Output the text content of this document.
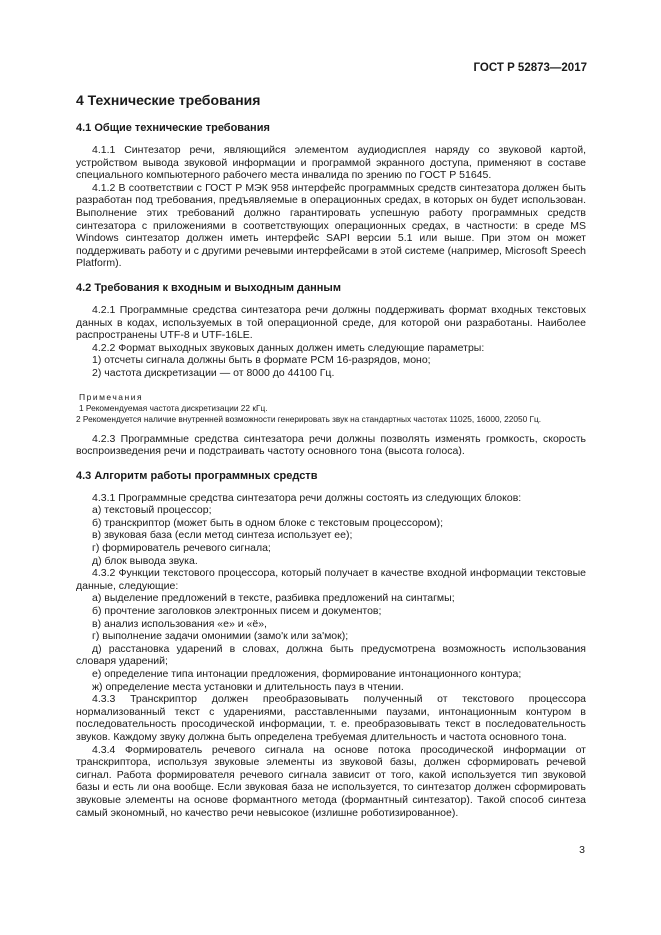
ГОСТ Р 52873—2017
4 Технические требования
4.1 Общие технические требования

4.1.1 Синтезатор речи, являющийся элементом аудиодисплея наряду со звуковой картой, устройством вывода звуковой информации и программой экранного доступа, применяют в составе специального компьютерного рабочего места инвалида по зрению по ГОСТ Р 51645.

4.1.2 В соответствии с ГОСТ Р МЭК 958 интерфейс программных средств синтезатора должен быть разработан под требования, предъявляемые в операционных средах, в которых он будет использован. Выполнение этих требований должно гарантировать успешную работу программных средств синтезатора с приложениями в соответствующих операционных средах, в частности: в среде MS Windows синтезатор должен иметь интерфейс SAPI версии 5.1 или выше. При этом он может поддерживать работу и с другими речевыми интерфейсами в этой системе (например, Microsoft Speech Platform).

4.2 Требования к входным и выходным данным

4.2.1 Программные средства синтезатора речи должны поддерживать формат входных текстовых данных в кодах, используемых в той операционной среде, для которой они разработаны. Наиболее распространены UTF-8 и UTF-16LE.

4.2.2 Формат выходных звуковых данных должен иметь следующие параметры:

1) отсчеты сигнала должны быть в формате PCM 16-разрядов, моно;

2) частота дискретизации — от 8000 до 44100 Гц.

Примечания

1 Рекомендуемая частота дискретизации 22 кГц.

2 Рекомендуется наличие внутренней возможности генерировать звук на стандартных частотах 11025, 16000, 22050 Гц.

4.2.3 Программные средства синтезатора речи должны позволять изменять громкость, скорость воспроизведения речи и подстраивать частоту основного тона (высота голоса).

4.3 Алгоритм работы программных средств

4.3.1 Программные средства синтезатора речи должны состоять из следующих блоков:

а) текстовый процессор;

б) транскриптор (может быть в одном блоке с текстовым процессором);

в) звуковая база (если метод синтеза использует ее);

г) формирователь речевого сигнала;

д) блок вывода звука.

4.3.2 Функции текстового процессора, который получает в качестве входной информации текстовые данные, следующие:

а) выделение предложений в тексте, разбивка предложений на синтагмы;

б) прочтение заголовков электронных писем и документов;

в) анализ использования «е» и «ё»,

г) выполнение задачи омонимии (замо'к или за'мок);

д) расстановка ударений в словах, должна быть предусмотрена возможность использования словаря ударений;

е) определение типа интонации предложения, формирование интонационного контура;

ж) определение места установки и длительность пауз в чтении.

4.3.3 Транскриптор должен преобразовывать полученный от текстового процессора нормализованный текст с ударениями, расставленными паузами, интонационным контуром в последовательность просодической информации, т. е. преобразовывать текст в последовательность звуков. Каждому звуку должна быть определена требуемая длительность и частота основного тона.

4.3.4 Формирователь речевого сигнала на основе потока просодической информации от транскриптора, используя звуковые элементы из звуковой базы, должен сформировать речевой сигнал. Работа формирователя речевого сигнала зависит от того, какой используется тип звуковой базы и есть ли она вообще. Если звуковая база не используется, то синтезатор должен сформировать звуковые элементы на основе формантного метода (формантный синтезатор). Такой способ синтеза самый экономный, но качество речи невысокое (излишне роботизированное).

3
